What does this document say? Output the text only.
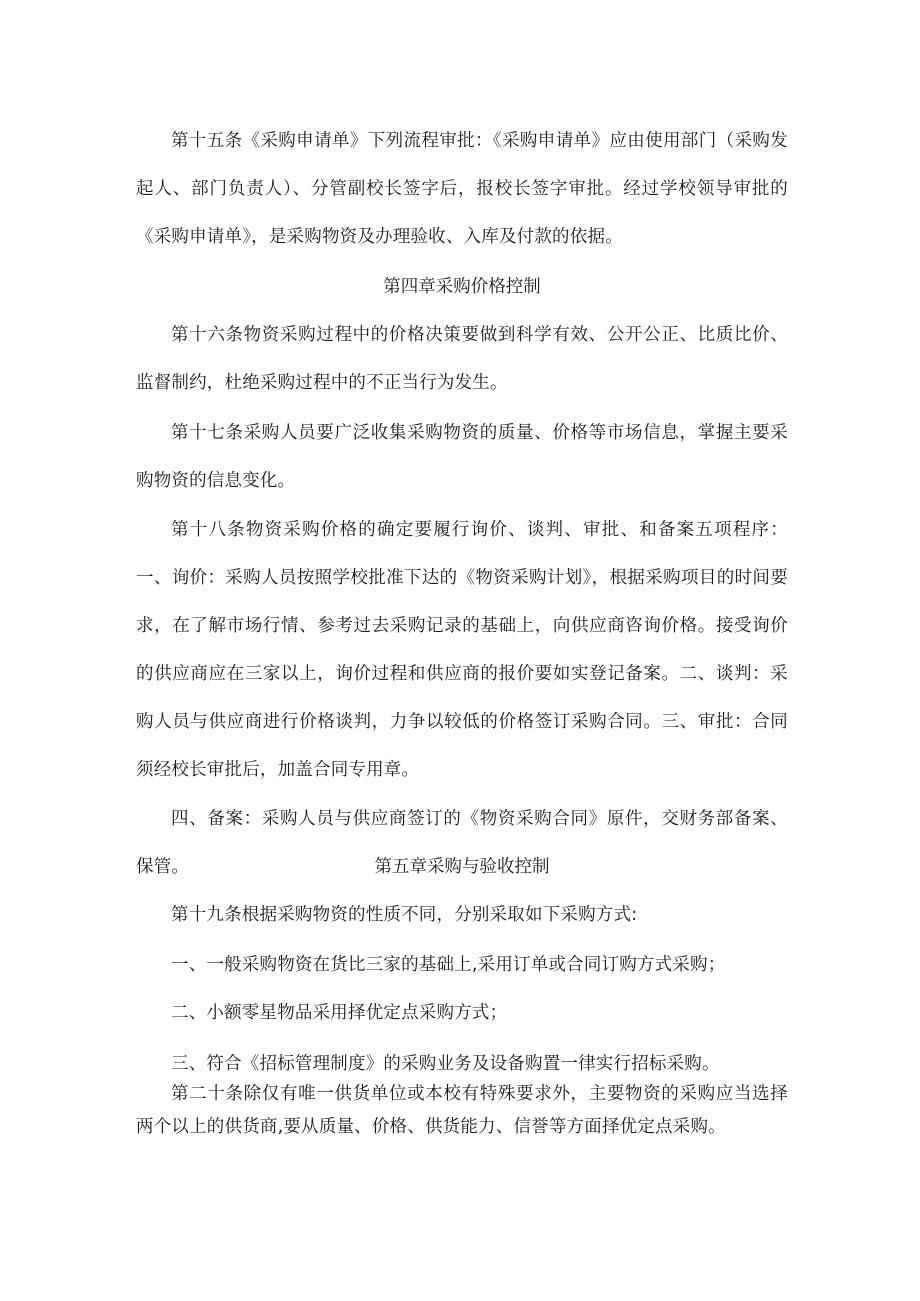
第十五条《采购申请单》下列流程审批：《采购申请单》应由使用部门（采购发起人、部门负责人）、分管副校长签字后，报校长签字审批。经过学校领导审批的《采购申请单》，是采购物资及办理验收、入库及付款的依据。

第四章采购价格控制

第十六条物资采购过程中的价格决策要做到科学有效、公开公正、比质比价、监督制约，杜绝采购过程中的不正当行为发生。

第十七条采购人员要广泛收集采购物资的质量、价格等市场信息，掌握主要采购物资的信息变化。

第十八条物资采购价格的确定要履行询价、谈判、审批、和备案五项程序：一、询价：采购人员按照学校批准下达的《物资采购计划》，根据采购项目的时间要求，在了解市场行情、参考过去采购记录的基础上，向供应商咨询价格。接受询价的供应商应在三家以上，询价过程和供应商的报价要如实登记备案。二、谈判：采购人员与供应商进行价格谈判，力争以较低的价格签订采购合同。三、审批：合同须经校长审批后，加盖合同专用章。

四、备案：采购人员与供应商签订的《物资采购合同》原件，交财务部备案、保管。	第五章采购与验收控制

第十九条根据采购物资的性质不同，分别采取如下采购方式:

一、一般采购物资在货比三家的基础上,采用订单或合同订购方式采购；

二、小额零星物品采用择优定点采购方式；

三、符合《招标管理制度》的采购业务及设备购置一律实行招标采购。

第二十条除仅有唯一供货单位或本校有特殊要求外，主要物资的采购应当选择两个以上的供货商,要从质量、价格、供货能力、信誉等方面择优定点采购。
